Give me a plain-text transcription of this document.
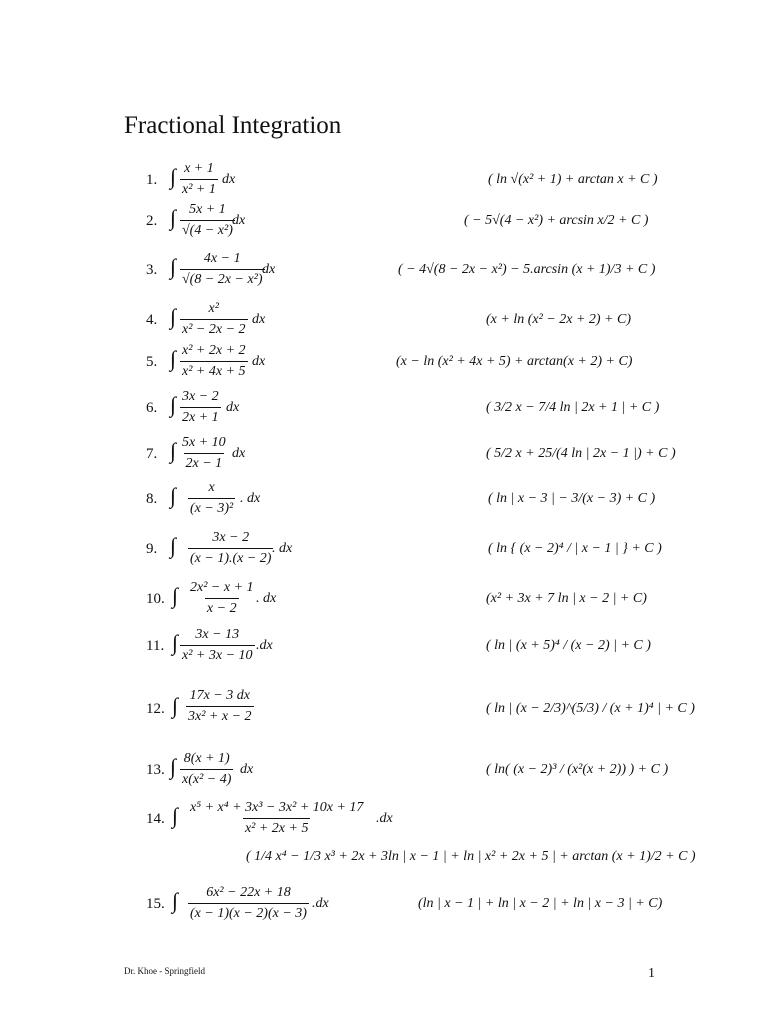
Fractional Integration
1. ∫ $\frac{x + 1}{\text{x² + 1}}$ dx	( ln √(x² + 1) + arctan x + C )
2. ∫ $\frac{5x + 1}{\text{√(4 − x²)}}$
dx	( − 5√(4 − x²) + arcsin x/2 + C )
3. ∫ $\frac{4x - 1}{\text{√(8 − 2x − x²)}}$
dx	( − 4√(8 − 2x − x²) − 5.arcsin (x + 1)/3 + C )
4. ∫ $\frac{\text{x²}}{\text{x² − 2x − 2}}$ dx	(x + ln (x² − 2x + 2) + C)
5. ∫ $\frac{\text{x² + 2x + 2}}{\text{x² + 4x + 5}}$ dx	(x − ln (x² + 4x + 5) + arctan(x + 2) + C)
6. ∫ $\frac{3x - 2}{2x + 1}$ dx	( 3/2 x − 7/4 ln | 2x + 1 | + C )
7. ∫ $\frac{5x + 10}{2x - 1}$ dx	( 5/2 x + 25/(4 ln | 2x − 1 |) + C )
8. ∫ $\frac{x}{\text{(x − 3)²}}$ . dx	( ln | x − 3 | − 3/(x − 3) + C )
9. ∫ $\frac{3x - 2}{(x - 1).(x - 2)}$
. dx	( ln { (x − 2)⁴ / | x − 1 | } + C )
10. ∫ $\frac{\text{2x² − x + 1}}{x - 2}$ . dx	(x² + 3x + 7 ln | x − 2 | + C)
11. ∫ $\frac{3x - 13}{\text{x² + 3x − 10}} .dx$	( ln | (x + 5)⁴ / (x − 2) | + C )
12. ∫ $\frac{17x - 3 dx}{\text{3x² + x − 2}}$	( ln | (x − 2/3)^(5/3) / (x + 1)⁴ | + C )
13. ∫ $\frac{8(x + 1)}{\text{x(x² − 4)}}$ dx	( ln( (x − 2)³ / (x²(x + 2)) ) + C )
14. ∫ $\frac{\text{x⁵ + x⁴ + 3x³ − 3x² + 10x + 17}}{\text{x² + 2x + 5}} .dx$
( 1/4 x⁴ − 1/3 x³ + 2x + 3ln | x − 1 | + ln | x² + 2x + 5 | + arctan (x + 1)/2 + C )
15. ∫ $\frac{\text{6x² − 22x + 18}}{(x - 1)(x - 2)(x - 3)} .dx$	(ln | x − 1 | + ln | x − 2 | + ln | x − 3 | + C)
Dr. Khoe - Springfield	1
